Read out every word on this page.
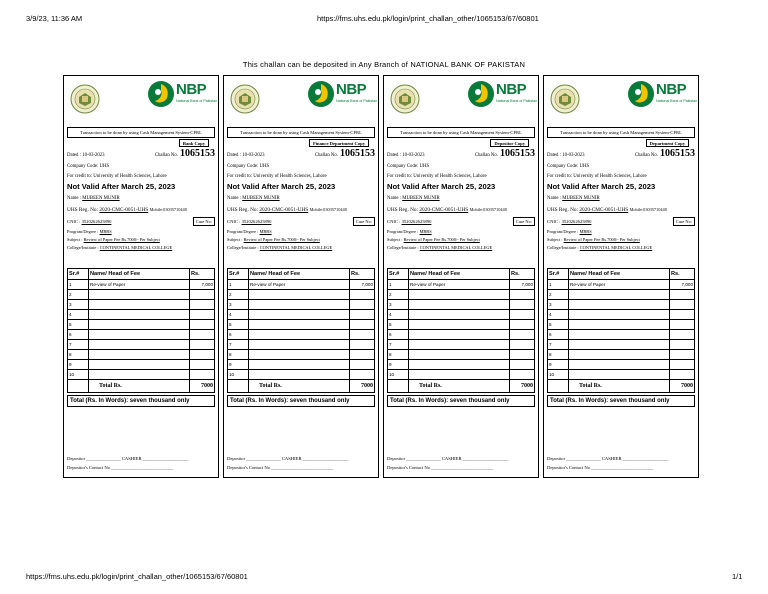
3/9/23, 11:36 AM	https://fms.uhs.edu.pk/login/print_challan_other/1065153/67/60801
This challan can be deposited in Any Branch of NATIONAL BANK OF PAKISTAN
NBP
National Bank of Pakistan
Transaction to be done by using Cash Management System-CPRL
Bank Copy
Dated : 10-03-2023	Challan No. 1065153
Company Code: UHS
For credit to: University of Health Sciences, Lahore
Not Valid After March 25, 2023
Name : MUBEEN MUNIR
UHS Reg. No: 2020-CMC-0051-UHS Mobile:03035710448
CNIC : 3520262625890	Case No:
Program/Degree : MBBS
Subject : Review of Paper Fee Rs.7000/- Per Subject
College/Institute : CONTINENTAL MEDICAL COLLEGE
Sr.#	Name/ Head of Fee	Rs.
1	Re-view of Paper	7,000
2		
3		
4		
5		
6		
7		
8		
9		
10		
	Total Rs.	7000
Total (Rs. In Words): seven thousand only
Depositor _______________ CASHIER ____________________
Depositor's Contact No.___________________________
NBP
National Bank of Pakistan
Transaction to be done by using Cash Management System-CPRL
Finance Department Copy
Dated : 10-03-2023	Challan No. 1065153
Company Code: UHS
For credit to: University of Health Sciences, Lahore
Not Valid After March 25, 2023
Name : MUBEEN MUNIR
UHS Reg. No: 2020-CMC-0051-UHS Mobile:03035710448
CNIC : 3520262625890	Case No:
Program/Degree : MBBS
Subject : Review of Paper Fee Rs.7000/- Per Subject
College/Institute : CONTINENTAL MEDICAL COLLEGE
Sr.#	Name/ Head of Fee	Rs.
1	Re-view of Paper	7,000
2		
3		
4		
5		
6		
7		
8		
9		
10		
	Total Rs.	7000
Total (Rs. In Words): seven thousand only
Depositor _______________ CASHIER ____________________
Depositor's Contact No.___________________________
NBP
National Bank of Pakistan
Transaction to be done by using Cash Management System-CPRL
Depositor Copy
Dated : 10-03-2023	Challan No. 1065153
Company Code: UHS
For credit to: University of Health Sciences, Lahore
Not Valid After March 25, 2023
Name : MUBEEN MUNIR
UHS Reg. No: 2020-CMC-0051-UHS Mobile:03035710448
CNIC : 3520262625890	Case No:
Program/Degree : MBBS
Subject : Review of Paper Fee Rs.7000/- Per Subject
College/Institute : CONTINENTAL MEDICAL COLLEGE
Sr.#	Name/ Head of Fee	Rs.
1	Re-view of Paper	7,000
2		
3		
4		
5		
6		
7		
8		
9		
10		
	Total Rs.	7000
Total (Rs. In Words): seven thousand only
Depositor _______________ CASHIER ____________________
Depositor's Contact No.___________________________
NBP
National Bank of Pakistan
Transaction to be done by using Cash Management System-CPRL
Department Copy
Dated : 10-03-2023	Challan No. 1065153
Company Code: UHS
For credit to: University of Health Sciences, Lahore
Not Valid After March 25, 2023
Name : MUBEEN MUNIR
UHS Reg. No: 2020-CMC-0051-UHS Mobile:03035710448
CNIC : 3520262625890	Case No:
Program/Degree : MBBS
Subject : Review of Paper Fee Rs.7000/- Per Subject
College/Institute : CONTINENTAL MEDICAL COLLEGE
Sr.#	Name/ Head of Fee	Rs.
1	Re-view of Paper	7,000
2		
3		
4		
5		
6		
7		
8		
9		
10		
	Total Rs.	7000
Total (Rs. In Words): seven thousand only
Depositor _______________ CASHIER ____________________
Depositor's Contact No.___________________________
https://fms.uhs.edu.pk/login/print_challan_other/1065153/67/60801	1/1
